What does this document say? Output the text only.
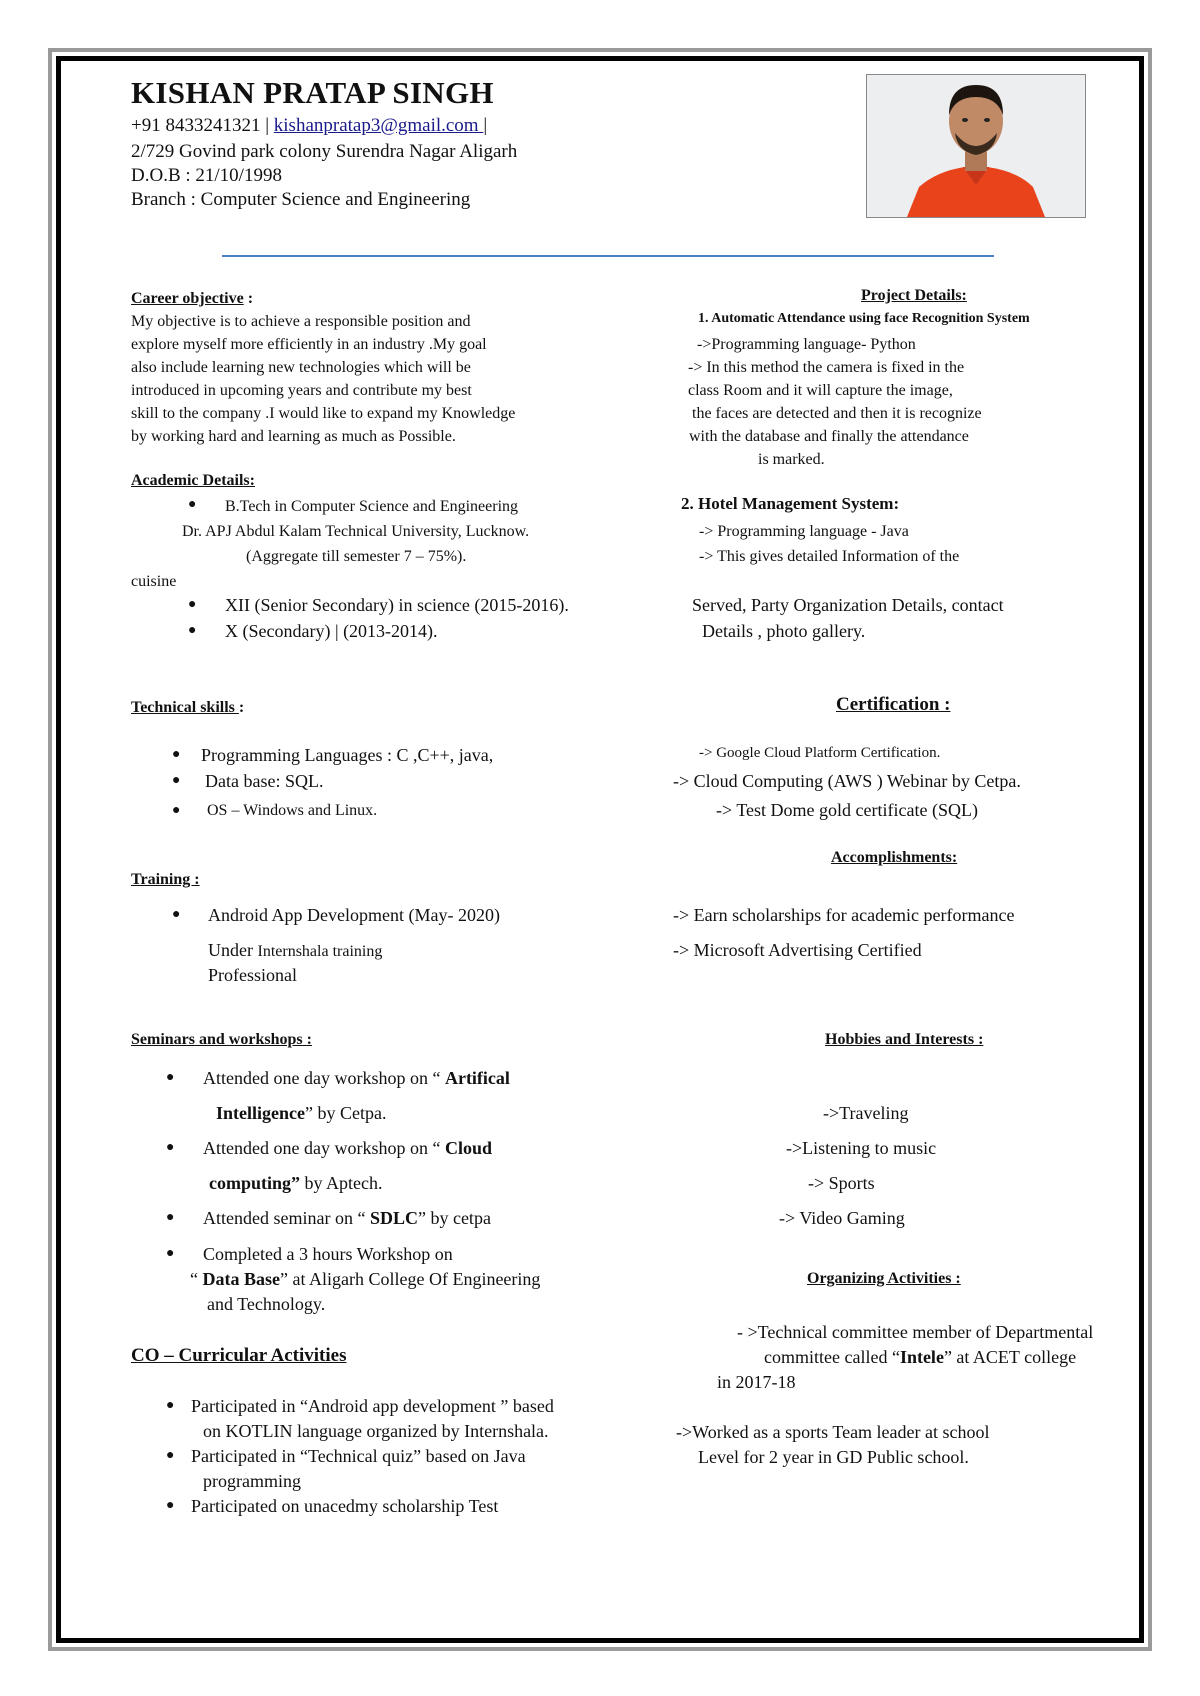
KISHAN PRATAP SINGH
+91 8433241321 | kishanpratap3@gmail.com |
2/729 Govind park colony Surendra Nagar Aligarh
D.O.B : 21/10/1998
Branch : Computer Science and Engineering
Career objective :
My objective is to achieve a responsible position and
explore myself more efficiently in an industry .My goal
also include learning new technologies which will be
introduced in upcoming years and contribute my best
skill to the company .I would like to expand my Knowledge
by working hard and learning as much as Possible.
Academic Details:
● B.Tech in Computer Science and Engineering
Dr. APJ Abdul Kalam Technical University, Lucknow.
(Aggregate till semester 7 – 75%).
cuisine
● XII (Senior Secondary) in science (2015-2016).
● X (Secondary) | (2013-2014).
Project Details:
1. Automatic Attendance using face Recognition System
->Programming language- Python
-> In this method the camera is fixed in the
class Room and it will capture the image,
the faces are detected and then it is recognize
with the database and finally the attendance
is marked.
2. Hotel Management System:
-> Programming language - Java
-> This gives detailed Information of the
Served, Party Organization Details, contact
Details , photo gallery.
Technical skills :
● Programming Languages : C ,C++, java,
● Data base: SQL.
● OS – Windows and Linux.
Certification :
-> Google Cloud Platform Certification.
-> Cloud Computing (AWS ) Webinar by Cetpa.
-> Test Dome gold certificate (SQL)
Accomplishments:
-> Earn scholarships for academic performance
-> Microsoft Advertising Certified
Training :
● Android App Development (May- 2020)
Under Internshala training
Professional
Seminars and workshops :
● Attended one day workshop on “ Artifical
Intelligence” by Cetpa.
● Attended one day workshop on “ Cloud
computing” by Aptech.
● Attended seminar on “ SDLC” by cetpa
● Completed a 3 hours Workshop on
“ Data Base” at Aligarh College Of Engineering
and Technology.
Hobbies and Interests :
->Traveling
->Listening to music
-> Sports
-> Video Gaming
Organizing Activities :
- >Technical committee member of Departmental
committee called “Intele” at ACET college
in 2017-18
->Worked as a sports Team leader at school
Level for 2 year in GD Public school.
CO – Curricular Activities
● Participated in “Android app development ” based
on KOTLIN language organized by Internshala.
● Participated in “Technical quiz” based on Java
programming
● Participated on unacedmy scholarship Test
